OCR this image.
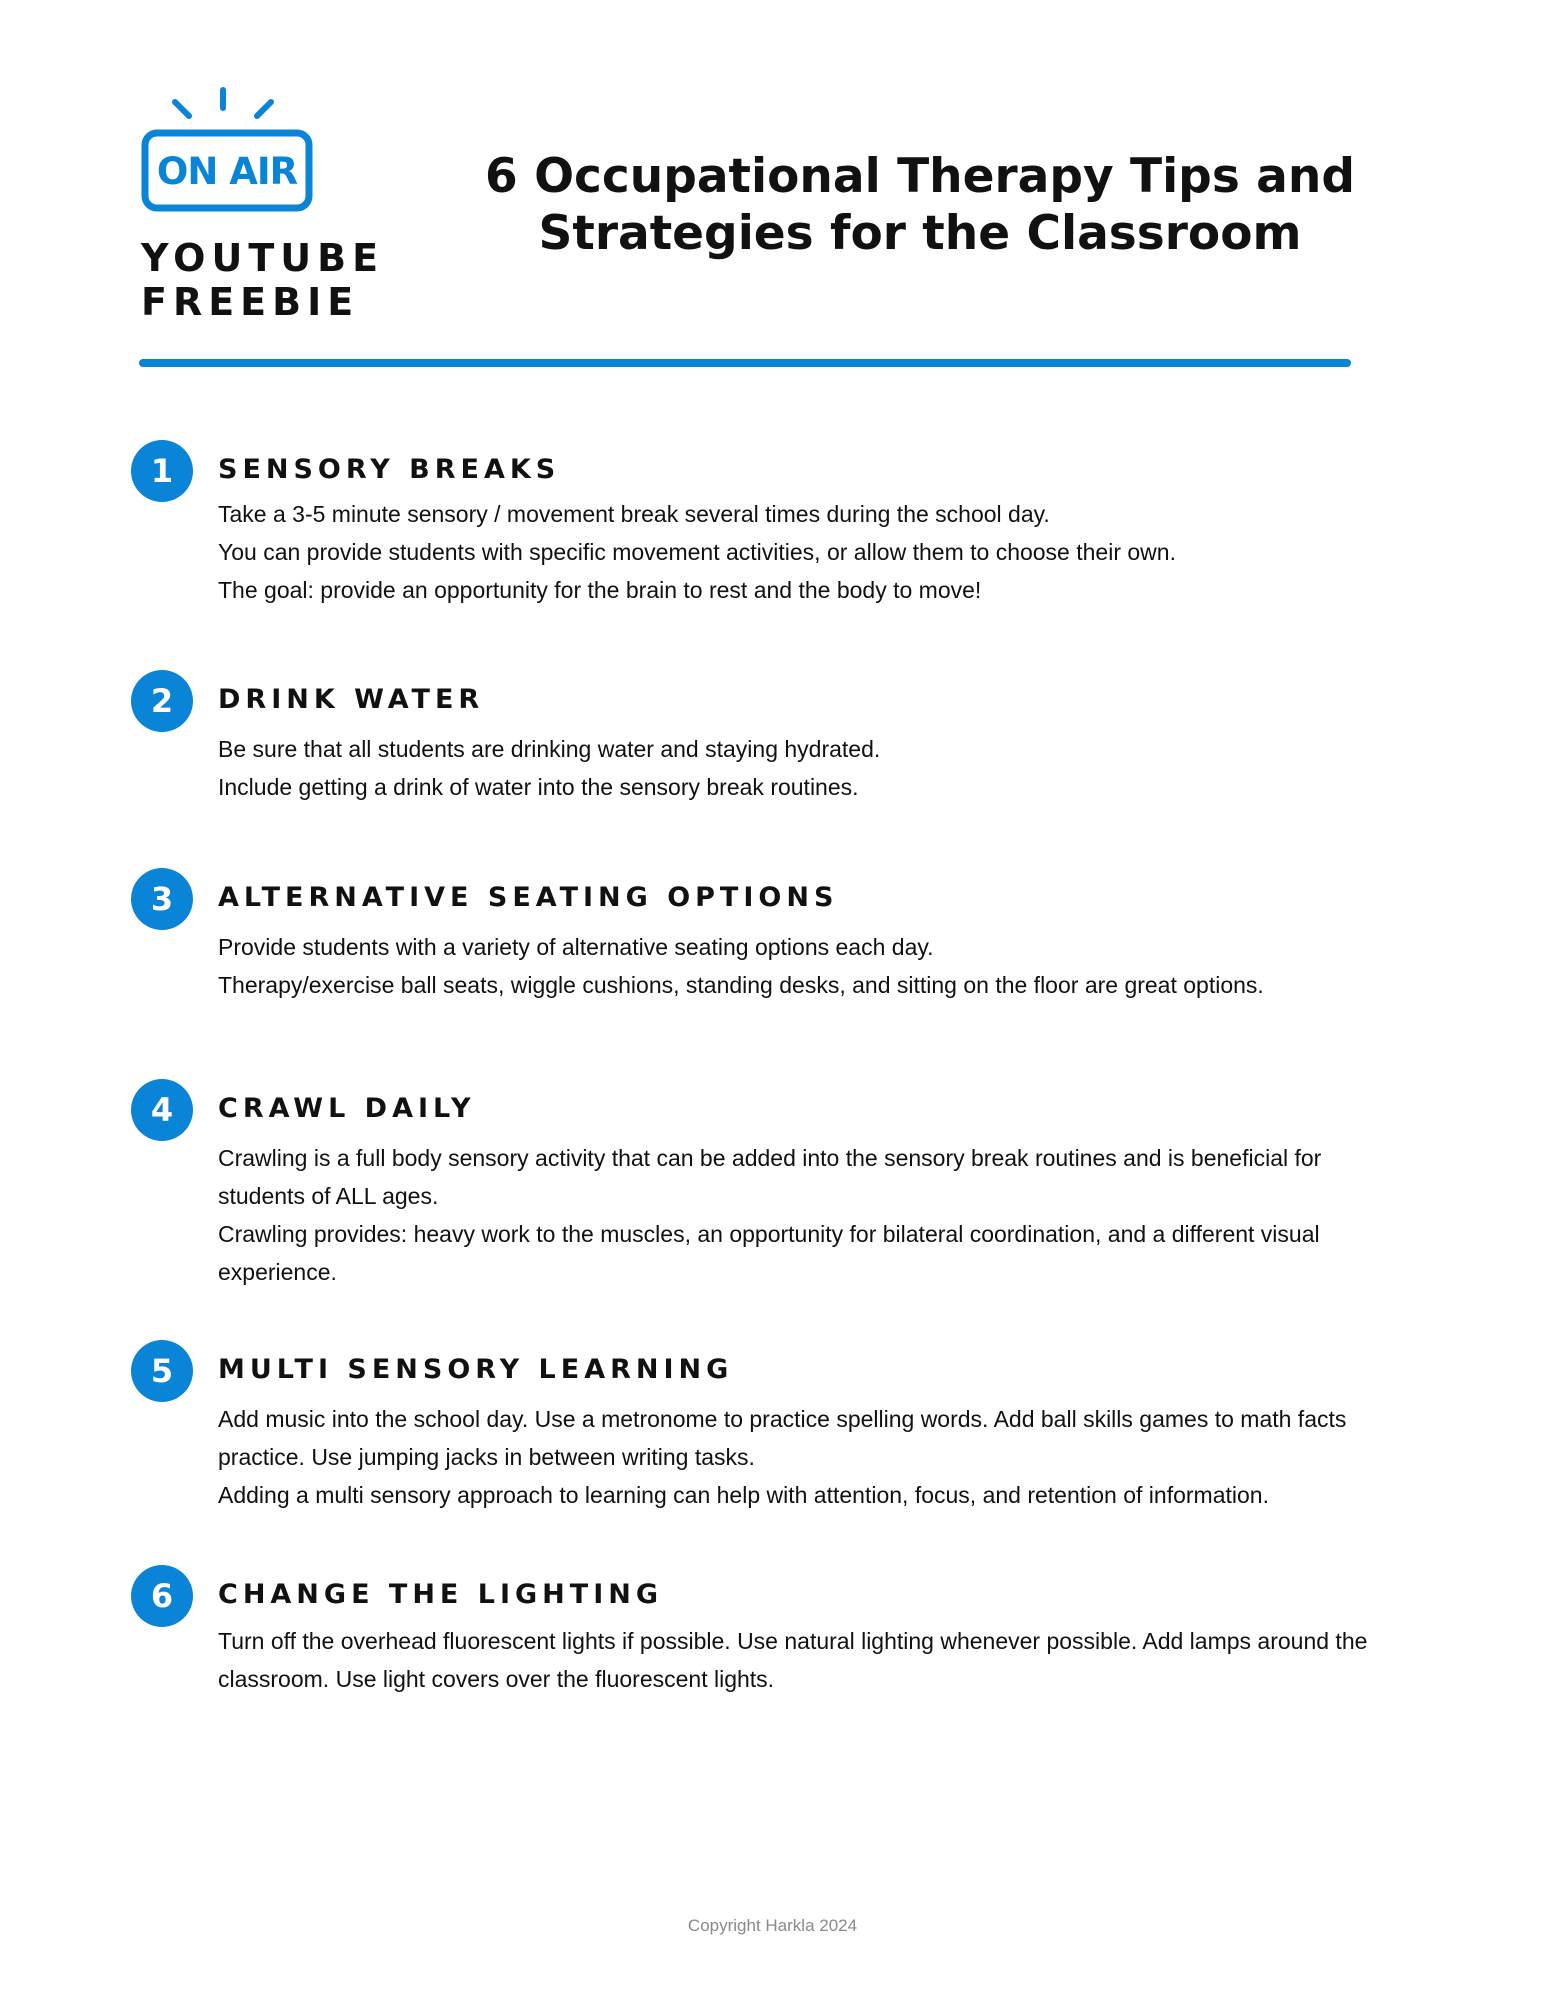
ON AIR
YOUTUBE
FREEBIE
6 Occupational Therapy Tips and
Strategies for the Classroom
1	SENSORY BREAKS
Take a 3-5 minute sensory / movement break several times during the school day.
You can provide students with specific movement activities, or allow them to choose their own.
The goal: provide an opportunity for the brain to rest and the body to move!
2	DRINK WATER
Be sure that all students are drinking water and staying hydrated.
Include getting a drink of water into the sensory break routines.
3	ALTERNATIVE SEATING OPTIONS
Provide students with a variety of alternative seating options each day.
Therapy/exercise ball seats, wiggle cushions, standing desks, and sitting on the floor are great options.
4	CRAWL DAILY
Crawling is a full body sensory activity that can be added into the sensory break routines and is beneficial for
students of ALL ages.
Crawling provides: heavy work to the muscles, an opportunity for bilateral coordination, and a different visual
experience.
5	MULTI SENSORY LEARNING
Add music into the school day. Use a metronome to practice spelling words. Add ball skills games to math facts
practice. Use jumping jacks in between writing tasks.
Adding a multi sensory approach to learning can help with attention, focus, and retention of information.
6	CHANGE THE LIGHTING
Turn off the overhead fluorescent lights if possible. Use natural lighting whenever possible. Add lamps around the
classroom. Use light covers over the fluorescent lights.
Copyright Harkla 2024
